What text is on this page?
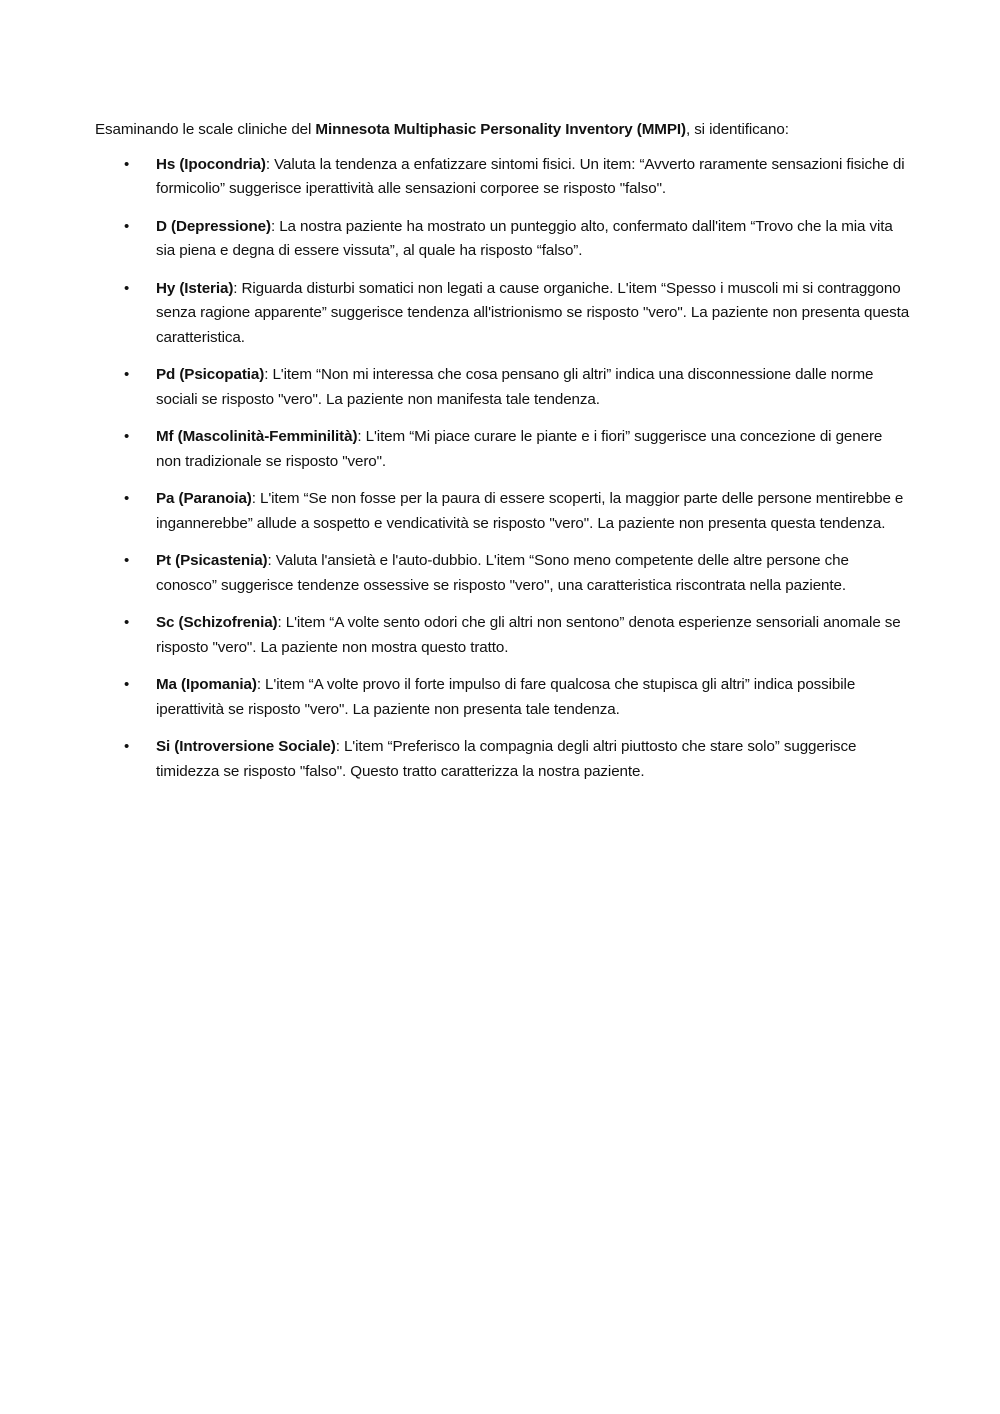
Esaminando le scale cliniche del Minnesota Multiphasic Personality Inventory (MMPI), si identificano:

• Hs (Ipocondria): Valuta la tendenza a enfatizzare sintomi fisici. Un item: “Avverto raramente sensazioni fisiche di formicolio” suggerisce iperattività alle sensazioni corporee se risposto "falso".
• D (Depressione): La nostra paziente ha mostrato un punteggio alto, confermato dall'item “Trovo che la mia vita sia piena e degna di essere vissuta”, al quale ha risposto “falso”.
• Hy (Isteria): Riguarda disturbi somatici non legati a cause organiche. L'item “Spesso i muscoli mi si contraggono senza ragione apparente” suggerisce tendenza all'istrionismo se risposto "vero". La paziente non presenta questa caratteristica.
• Pd (Psicopatia): L'item “Non mi interessa che cosa pensano gli altri” indica una disconnessione dalle norme sociali se risposto "vero". La paziente non manifesta tale tendenza.
• Mf (Mascolinità-Femminilità): L'item “Mi piace curare le piante e i fiori” suggerisce una concezione di genere non tradizionale se risposto "vero".
• Pa (Paranoia): L'item “Se non fosse per la paura di essere scoperti, la maggior parte delle persone mentirebbe e ingannerebbe” allude a sospetto e vendicatività se risposto "vero". La paziente non presenta questa tendenza.
• Pt (Psicastenia): Valuta l'ansietà e l'auto-dubbio. L'item “Sono meno competente delle altre persone che conosco” suggerisce tendenze ossessive se risposto "vero", una caratteristica riscontrata nella paziente.
• Sc (Schizofrenia): L'item “A volte sento odori che gli altri non sentono” denota esperienze sensoriali anomale se risposto "vero". La paziente non mostra questo tratto.
• Ma (Ipomania): L'item “A volte provo il forte impulso di fare qualcosa che stupisca gli altri” indica possibile iperattività se risposto "vero". La paziente non presenta tale tendenza.
• Si (Introversione Sociale): L'item “Preferisco la compagnia degli altri piuttosto che stare solo” suggerisce timidezza se risposto "falso". Questo tratto caratterizza la nostra paziente.
